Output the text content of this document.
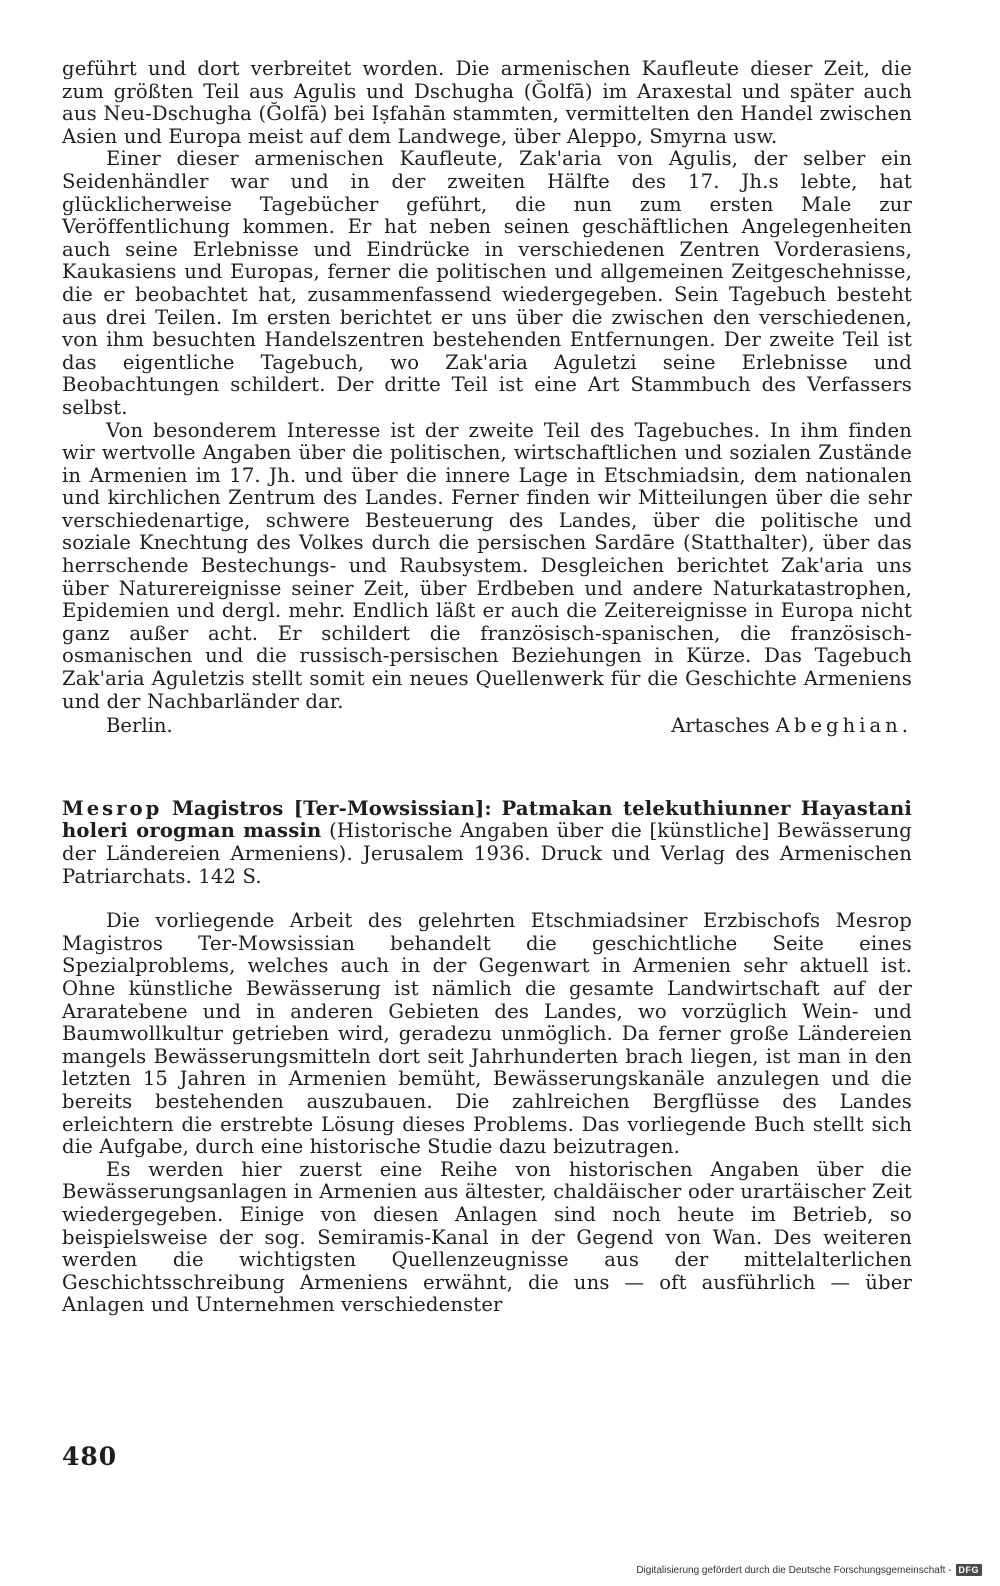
geführt und dort verbreitet worden. Die armenischen Kaufleute dieser Zeit, die zum größten Teil aus Agulis und Dschugha (Ğolfā) im Araxestal und später auch aus Neu-Dschugha (Ğolfā) bei Iṣfahān stammten, vermittelten den Handel zwischen Asien und Europa meist auf dem Landwege, über Aleppo, Smyrna usw.

Einer dieser armenischen Kaufleute, Zak'aria von Agulis, der selber ein Seidenhändler war und in der zweiten Hälfte des 17. Jh.s lebte, hat glücklicherweise Tagebücher geführt, die nun zum ersten Male zur Veröffentlichung kommen. Er hat neben seinen geschäftlichen Angelegenheiten auch seine Erlebnisse und Eindrücke in verschiedenen Zentren Vorderasiens, Kaukasiens und Europas, ferner die politischen und allgemeinen Zeitgeschehnisse, die er beobachtet hat, zusammenfassend wiedergegeben. Sein Tagebuch besteht aus drei Teilen. Im ersten berichtet er uns über die zwischen den verschiedenen, von ihm besuchten Handelszentren bestehenden Entfernungen. Der zweite Teil ist das eigentliche Tagebuch, wo Zak'aria Aguletzi seine Erlebnisse und Beobachtungen schildert. Der dritte Teil ist eine Art Stammbuch des Verfassers selbst.

Von besonderem Interesse ist der zweite Teil des Tagebuches. In ihm finden wir wertvolle Angaben über die politischen, wirtschaftlichen und sozialen Zustände in Armenien im 17. Jh. und über die innere Lage in Etschmiadsin, dem nationalen und kirchlichen Zentrum des Landes. Ferner finden wir Mitteilungen über die sehr verschiedenartige, schwere Besteuerung des Landes, über die politische und soziale Knechtung des Volkes durch die persischen Sardāre (Statthalter), über das herrschende Bestechungs- und Raubsystem. Desgleichen berichtet Zak'aria uns über Naturereignisse seiner Zeit, über Erdbeben und andere Naturkatastrophen, Epidemien und dergl. mehr. Endlich läßt er auch die Zeitereignisse in Europa nicht ganz außer acht. Er schildert die französisch-spanischen, die französisch-osmanischen und die russisch-persischen Beziehungen in Kürze. Das Tagebuch Zak'aria Aguletzis stellt somit ein neues Quellenwerk für die Geschichte Armeniens und der Nachbarländer dar.

Berlin.	Artasches Abeghian.

Mesrop Magistros [Ter-Mowsissian]: Patmakan telekuthiunner Hayastani holeri orogman massin (Historische Angaben über die [künstliche] Bewässerung der Ländereien Armeniens). Jerusalem 1936. Druck und Verlag des Armenischen Patriarchats. 142 S.

Die vorliegende Arbeit des gelehrten Etschmiadsiner Erzbischofs Mesrop Magistros Ter-Mowsissian behandelt die geschichtliche Seite eines Spezialproblems, welches auch in der Gegenwart in Armenien sehr aktuell ist. Ohne künstliche Bewässerung ist nämlich die gesamte Landwirtschaft auf der Araratebene und in anderen Gebieten des Landes, wo vorzüglich Wein- und Baumwollkultur getrieben wird, geradezu unmöglich. Da ferner große Ländereien mangels Bewässerungsmitteln dort seit Jahrhunderten brach liegen, ist man in den letzten 15 Jahren in Armenien bemüht, Bewässerungskanäle anzulegen und die bereits bestehenden auszubauen. Die zahlreichen Bergflüsse des Landes erleichtern die erstrebte Lösung dieses Problems. Das vorliegende Buch stellt sich die Aufgabe, durch eine historische Studie dazu beizutragen.

Es werden hier zuerst eine Reihe von historischen Angaben über die Bewässerungsanlagen in Armenien aus ältester, chaldäischer oder urartäischer Zeit wiedergegeben. Einige von diesen Anlagen sind noch heute im Betrieb, so beispielsweise der sog. Semiramis-Kanal in der Gegend von Wan. Des weiteren werden die wichtigsten Quellenzeugnisse aus der mittelalterlichen Geschichtsschreibung Armeniens erwähnt, die uns — oft ausführlich — über Anlagen und Unternehmen verschiedenster

480
Digitalisierung gefördert durch die Deutsche Forschungsgemeinschaft - DFG
